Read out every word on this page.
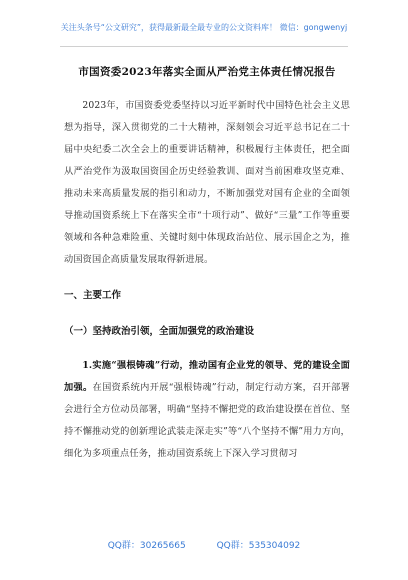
关注头条号“公文研究”，获得最新最全最专业的公文资料库！ 微信：gongwenyj
市国资委2023年落实全面从严治党主体责任情况报告

2023年，市国资委党委坚持以习近平新时代中国特色社会主义思想为指导，深入贯彻党的二十大精神，深刻领会习近平总书记在二十届中央纪委二次全会上的重要讲话精神，积极履行主体责任，把全面从严治党作为汲取国资国企历史经验教训、面对当前困难攻坚克难、推动未来高质量发展的指引和动力，不断加强党对国有企业的全面领导推动国资系统上下在落实全市“十项行动”、做好“三量”工作等重要领域和各种急难险重、关键时刻中体现政治站位、展示国企之为，推动国资国企高质量发展取得新进展。

一、主要工作
（一）坚持政治引领，全面加强党的政治建设

1.实施“强根铸魂”行动，推动国有企业党的领导、党的建设全面加强。在国资系统内开展“强根铸魂”行动，制定行动方案，召开部署会进行全方位动员部署，明确“坚持不懈把党的政治建设摆在首位、坚持不懈推动党的创新理论武装走深走实”等“八个坚持不懈”用力方向，细化为多项重点任务，推动国资系统上下深入学习贯彻习

QQ群：30265665	QQ群：535304092
